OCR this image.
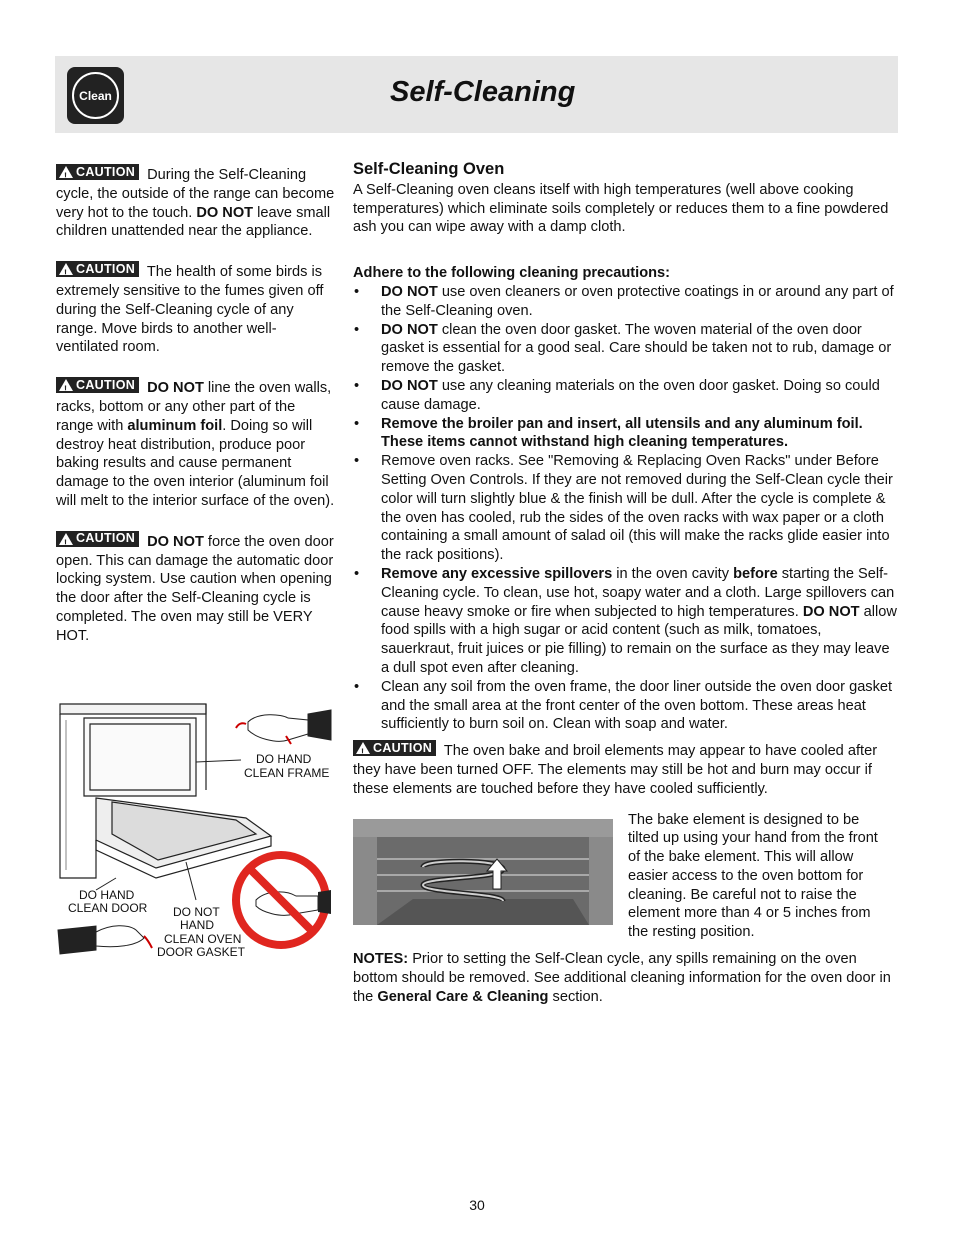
Clean	Self-Cleaning
!
CAUTION During the Self-Cleaning cycle, the outside of the range can become very hot to the touch. DO NOT leave small children unattended near the appliance.
!
CAUTION The health of some birds is extremely sensitive to the fumes given off during the Self-Cleaning cycle of any range. Move birds to another well-ventilated room.
!
CAUTION DO NOT line the oven walls, racks, bottom or any other part of the range with aluminum foil. Doing so will destroy heat distribution, produce poor baking results and cause permanent damage to the oven interior (aluminum foil will melt to the interior surface of the oven).
!
CAUTION DO NOT force the oven door open. This can damage the automatic door locking system. Use caution when opening the door after the Self-Cleaning cycle is completed. The oven may still be VERY HOT.
DO HAND
CLEAN FRAME
DO HAND
CLEAN DOOR DO NOT
HAND
CLEAN OVEN
DOOR GASKET
Self-Cleaning Oven
A Self-Cleaning oven cleans itself with high temperatures (well above cooking temperatures) which eliminate soils completely or reduces them to a fine powdered ash you can wipe away with a damp cloth.
Adhere to the following cleaning precautions:
• DO NOT use oven cleaners or oven protective coatings in or around any part of the Self-Cleaning oven.
• DO NOT clean the oven door gasket. The woven material of the oven door gasket is essential for a good seal. Care should be taken not to rub, damage or remove the gasket.
• DO NOT use any cleaning materials on the oven door gasket. Doing so could cause damage.
• Remove the broiler pan and insert, all utensils and any aluminum foil. These items cannot withstand high cleaning temperatures.
• Remove oven racks. See "Removing & Replacing Oven Racks" under Before Setting Oven Controls. If they are not removed during the Self-Clean cycle their color will turn slightly blue & the finish will be dull. After the cycle is complete & the oven has cooled, rub the sides of the oven racks with wax paper or a cloth containing a small amount of salad oil (this will make the racks glide easier into the rack positions).
• Remove any excessive spillovers in the oven cavity before starting the Self-Cleaning cycle. To clean, use hot, soapy water and a cloth. Large spillovers can cause heavy smoke or fire when subjected to high temperatures. DO NOT allow food spills with a high sugar or acid content (such as milk, tomatoes, sauerkraut, fruit juices or pie filling) to remain on the surface as they may leave a dull spot even after cleaning.
• Clean any soil from the oven frame, the door liner outside the oven door gasket and the small area at the front center of the oven bottom. These areas heat sufficiently to burn soil on. Clean with soap and water.
!
CAUTION The oven bake and broil elements may appear to have cooled after they have been turned OFF. The elements may still be hot and burn may occur if these elements are touched before they have cooled sufficiently.
The bake element is designed to be tilted up using your hand from the front of the bake element. This will allow easier access to the oven bottom for cleaning. Be careful not to raise the element more than 4 or 5 inches from the resting position.
NOTES: Prior to setting the Self-Clean cycle, any spills remaining on the oven bottom should be removed. See additional cleaning information for the oven door in the General Care & Cleaning section.
30
